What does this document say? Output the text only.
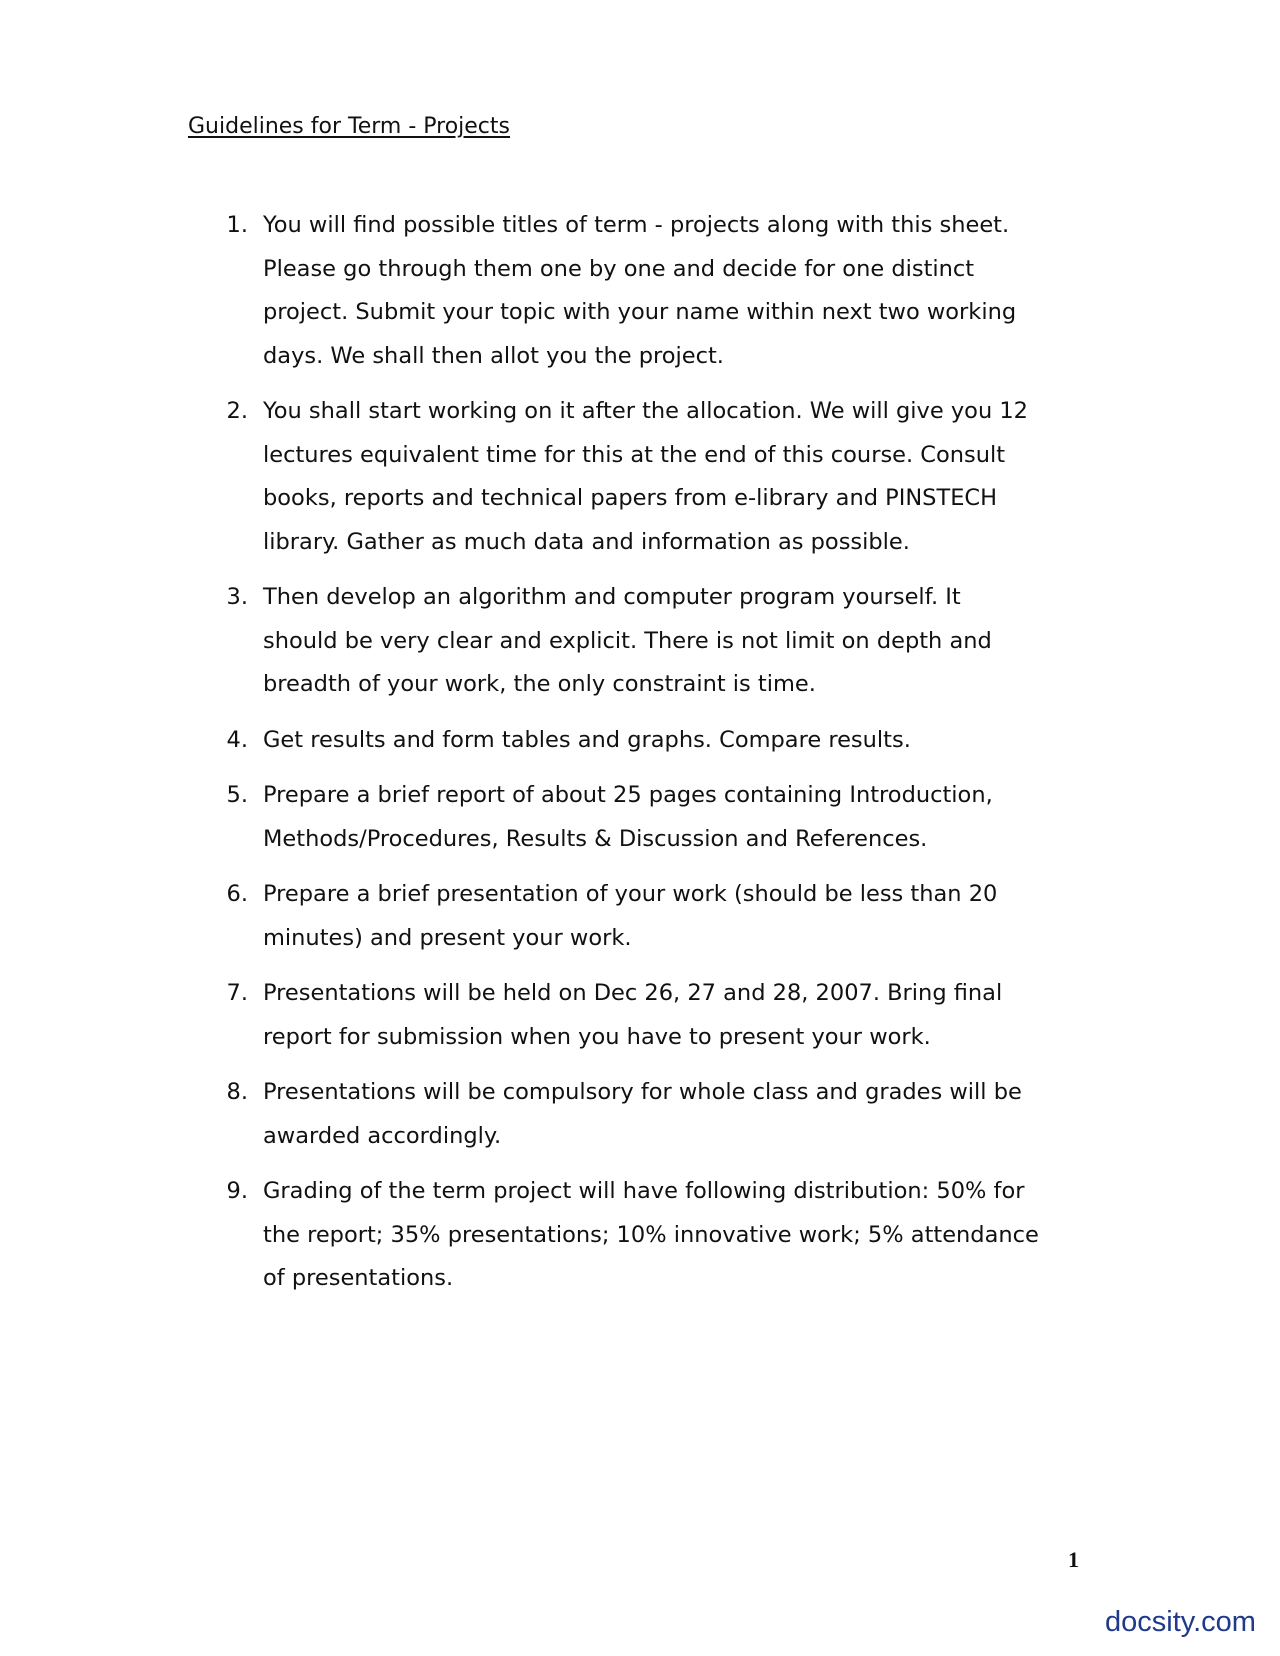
Guidelines for Term - Projects
1. You will find possible titles of term - projects along with this sheet.
Please go through them one by one and decide for one distinct
project. Submit your topic with your name within next two working
days. We shall then allot you the project.
2. You shall start working on it after the allocation. We will give you 12
lectures equivalent time for this at the end of this course. Consult
books, reports and technical papers from e-library and PINSTECH
library. Gather as much data and information as possible.
3. Then develop an algorithm and computer program yourself. It
should be very clear and explicit. There is not limit on depth and
breadth of your work, the only constraint is time.
4. Get results and form tables and graphs. Compare results.
5. Prepare a brief report of about 25 pages containing Introduction,
Methods/Procedures, Results & Discussion and References.
6. Prepare a brief presentation of your work (should be less than 20
minutes) and present your work.
7. Presentations will be held on Dec 26, 27 and 28, 2007. Bring final
report for submission when you have to present your work.
8. Presentations will be compulsory for whole class and grades will be
awarded accordingly.
9. Grading of the term project will have following distribution: 50% for
the report; 35% presentations; 10% innovative work; 5% attendance
of presentations.
1
docsity.com
